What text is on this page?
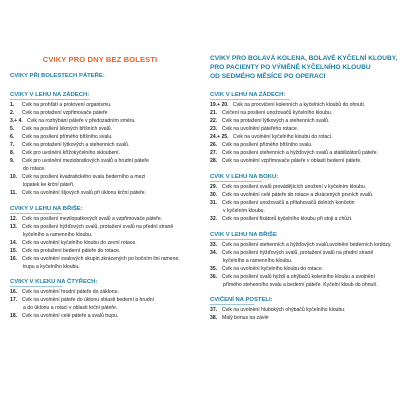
CVIKY PRO DNY BEZ BOLESTI
CVIKY PŘI BOLESTECH PÁTEŘE:
CVIKY V LEHU NA ZÁDECH:
1. Cvik na prohřátí a prokrvení organismu.
2. Cvik na protažení vzpřimovače páteře
3.+ 4. Cvik na rozhýbání páteře v předozadním směru.
5. Cvik na posílení šikmých břišních svalů.
6. Cvik na posílení přímého břišního svalu.
7. Cvik na protažení lýtkových a stehenních svalů.
8. Cvik pro uvolnění křížokyčelního skloubení.
9. Cvik pro uvolnění meziobratlových svalů a hrudní páteře
do rotace.
10. Cvik na posílení kvadratického svalu bederního a mezi
lopatek ke krční páteři.
11. Cvik na uvolnění šíjových svalů při úklonu krční páteře.
CVIKY V LEHU NA BŘIŠE:
12. Cvik na posílení mezilopatkových svalů a vzpřimovače páteře.
13. Cvik na posílení hýžďových svalů, protažení svalů na přední straně
kyčelního a ramenního kloubu.
14. Cvik na uvolnění kyčelního kloubu do zevní rotace.
15. Cvik na protažení bederní páteře do rotace.
16. Cvik na uvolnění svalových skupin zkrácených po bočním lini ramene,
trupu a kyčelního kloubu.
CVIKY V KLEKU NA ČTYŘECH:
16. Cvik na uvolnění hrudní páteře do záklonu.
17. Cvik na uvolnění páteře do úklonu oblasti bederní a hrudní
a do úklonu a rotaci v oblasti krční páteře.
18. Cvik na uvolnění celé páteře a svalů trupu.
CVIKY PRO BOLAVÁ KOLENA, BOLAVÉ KYČELNÍ KLOUBY,
PRO PACIENTY PO VÝMĚNĚ KYČELNÍHO KLOUBU
OD SEDMÉHO MĚSÍCE PO OPERACI
CVIK V LEHU NA ZÁDECH:
19.+ 20. Cvik na procvičení kolenních a kyčelních kloubů do ohnutí.
21. Cvičení na posílení unožovačů kyčelního kloubu.
22. Cvik na protažení lýtkových a stehenních svalů.
23. Cvik na uvolnění páteřeho rotace.
24.+ 25. Cvik na uvolnění kyčelního kloubu do rotací.
26. Cvik na posílení přímého břišního svalu.
27. Cvik na posílení stehenních a hýžďových svalů a stabilizátorů páteře.
28. Cvik na uvolnění vzpřimovače páteře v oblasti bederní páteře.
CVIK V LEHU NA BOKU:
29. Cvik na posílení svalů provádějících unožení v kyčelním kloubu.
30. Cvik na uvolnění celé páteře do rotace a zkrácených prsních svalů.
31. Cvik na posílení unožovačů a přitahovačů dolních končetin
v kyčelním kloubu.
32. Cvik na posílení fixátorů kyčelního kloubu při stoji a chůzi.
CVIK V LEHU NA BŘIŠE
33. Cvik na posílení stehenních a hýžďových svalů,uvolnění bederních lordózy.
34. Cvik na posílení hýžďových svalů, protažení svalů na přední straně
kyčelního a ramenního kloubu.
35. Cvik na uvolnění kyčelního kloubu do rotace.
36. Cvik na posílení svalů hýždí a ohýbačů kolenního kloubu a uvolnění
přímého stehenního svalu a bederní páteře. Kyčelní kloub do ohnutí.
CVIČENÍ NA POSTELI:
37. Cvik na uvolnění hlubokých ohýbačů kyčelního kloubu.
38. Malý bonus na závěr
